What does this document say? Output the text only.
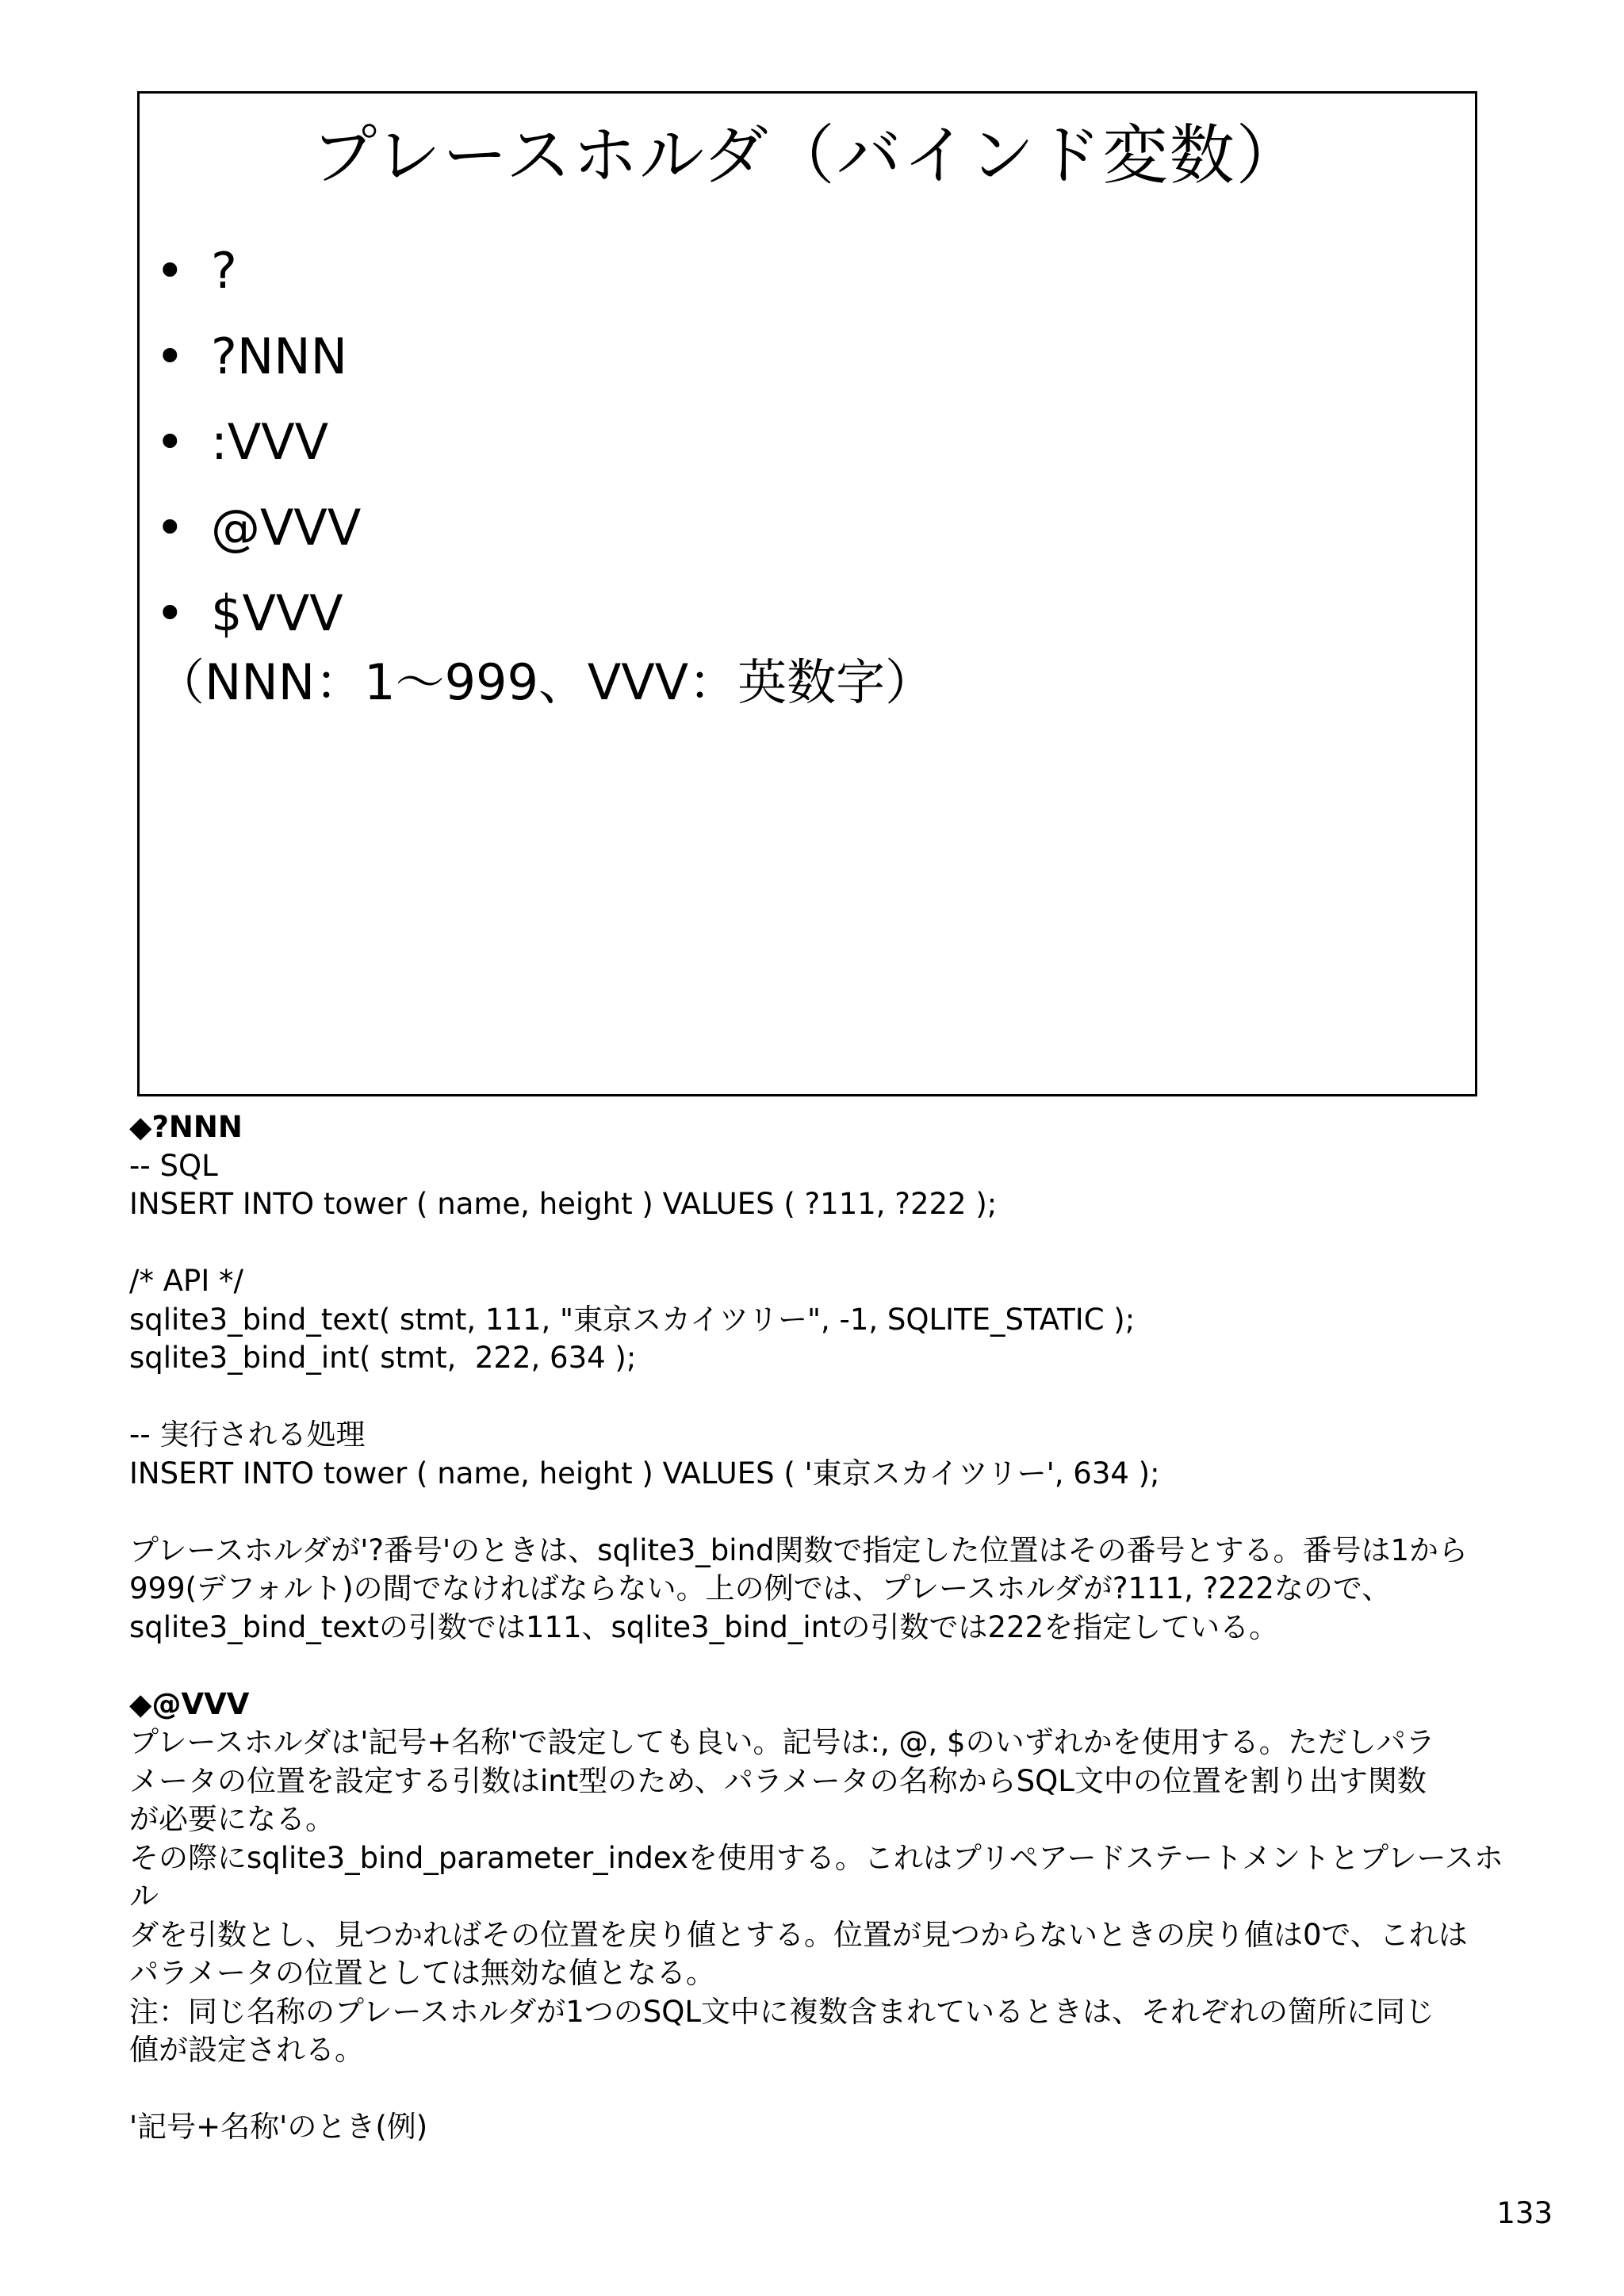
プレースホルダ（バインド変数）
• ?
• ?NNN
• :VVV
• @VVV
• $VVV
（NNN：1〜999、VVV：英数字）
◆?NNN
-- SQL
INSERT INTO tower ( name, height ) VALUES ( ?111, ?222 );
/* API */
sqlite3_bind_text( stmt, 111, "東京スカイツリー", -1, SQLITE_STATIC );
sqlite3_bind_int( stmt,  222, 634 );
-- 実行される処理
INSERT INTO tower ( name, height ) VALUES ( '東京スカイツリー', 634 );
プレースホルダが'?番号'のときは、sqlite3_bind関数で指定した位置はその番号とする。番号は1から
999(デフォルト)の間でなければならない。上の例では、プレースホルダが?111, ?222なので、
sqlite3_bind_textの引数では111、sqlite3_bind_intの引数では222を指定している。
◆@VVV
プレースホルダは'記号+名称'で設定しても良い。記号は:, @, $のいずれかを使用する。ただしパラ
メータの位置を設定する引数はint型のため、パラメータの名称からSQL文中の位置を割り出す関数
が必要になる。
その際にsqlite3_bind_parameter_indexを使用する。これはプリペアードステートメントとプレースホル
ダを引数とし、見つかればその位置を戻り値とする。位置が見つからないときの戻り値は0で、これは
パラメータの位置としては無効な値となる。
注：同じ名称のプレースホルダが1つのSQL文中に複数含まれているときは、それぞれの箇所に同じ
値が設定される。
'記号+名称'のとき(例)
133
